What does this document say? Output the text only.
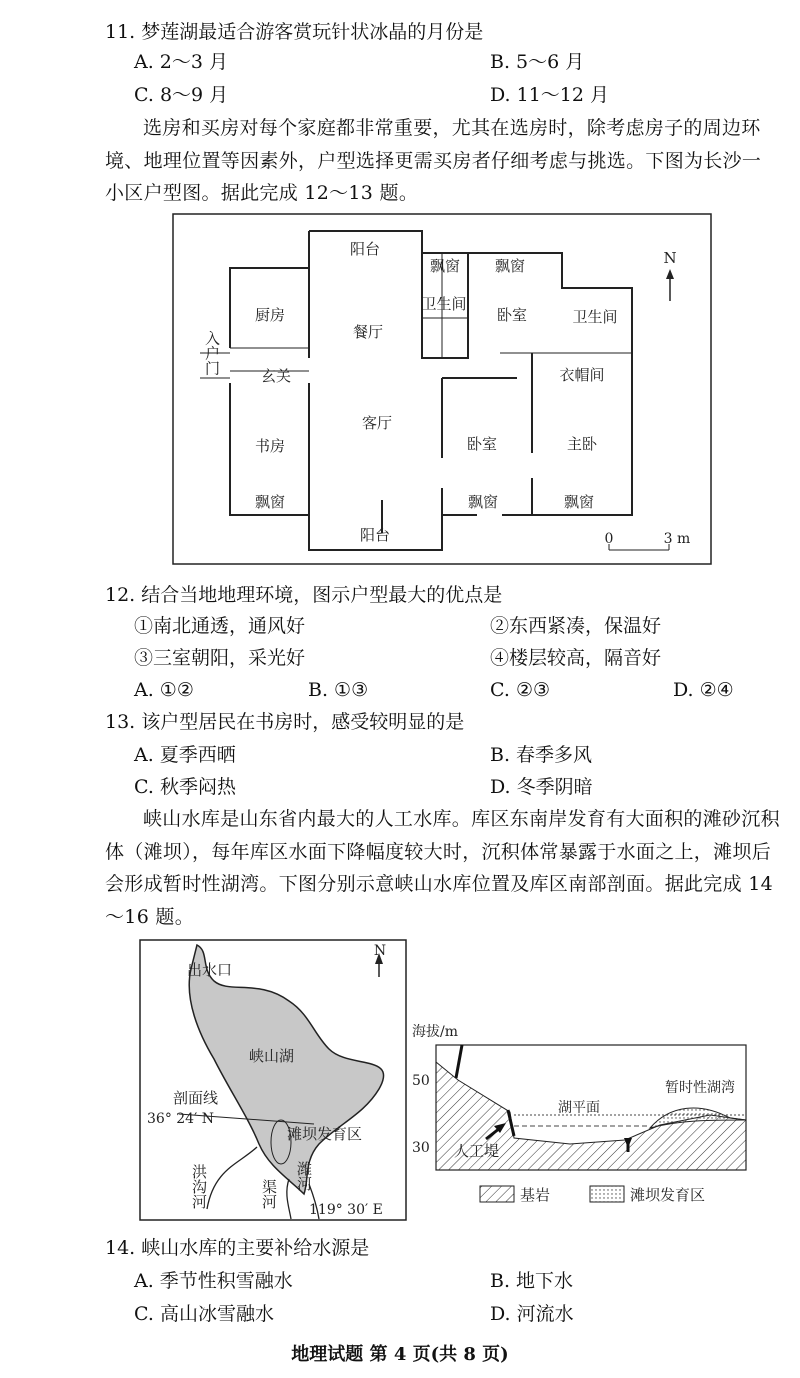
11. 梦莲湖最适合游客赏玩针状冰晶的月份是
A. 2～3 月	B. 5～6 月
C. 8～9 月	D. 11～12 月
选房和买房对每个家庭都非常重要，尤其在选房时，除考虑房子的周边环境、地理位置等因素外，户型选择更需买房者仔细考虑与挑选。下图为长沙一小区户型图。据此完成 12～13 题。
N
0	3 m
阳台
飘窗 飘窗
厨房
餐厅
卫生间
卧室	卫生间
入户门
玄关	衣帽间
客厅
书房	卧室	主卧
飘窗	飘窗	飘窗
阳台
12. 结合当地地理环境，图示户型最大的优点是
①南北通透，通风好	②东西紧凑，保温好
③三室朝阳，采光好	④楼层较高，隔音好
A. ①②	B. ①③	C. ②③	D. ②④
13. 该户型居民在书房时，感受较明显的是
A. 夏季西晒	B. 春季多风
C. 秋季闷热	D. 冬季阴暗
峡山水库是山东省内最大的人工水库。库区东南岸发育有大面积的滩砂沉积体（滩坝），每年库区水面下降幅度较大时，沉积体常暴露于水面之上，滩坝后会形成暂时性湖湾。下图分别示意峡山水库位置及库区南部剖面。据此完成 14～16 题。
N
出水口
峡山湖
剖面线
36° 24′ N
滩坝发育区
洪沟河	渠河
潍河
119° 30′ E
海拔/m
50
30
湖平面
暂时性湖湾
人工堤
基岩	滩坝发育区
14. 峡山水库的主要补给水源是
A. 季节性积雪融水	B. 地下水
C. 高山冰雪融水	D. 河流水
地理试题 第 4 页(共 8 页)
